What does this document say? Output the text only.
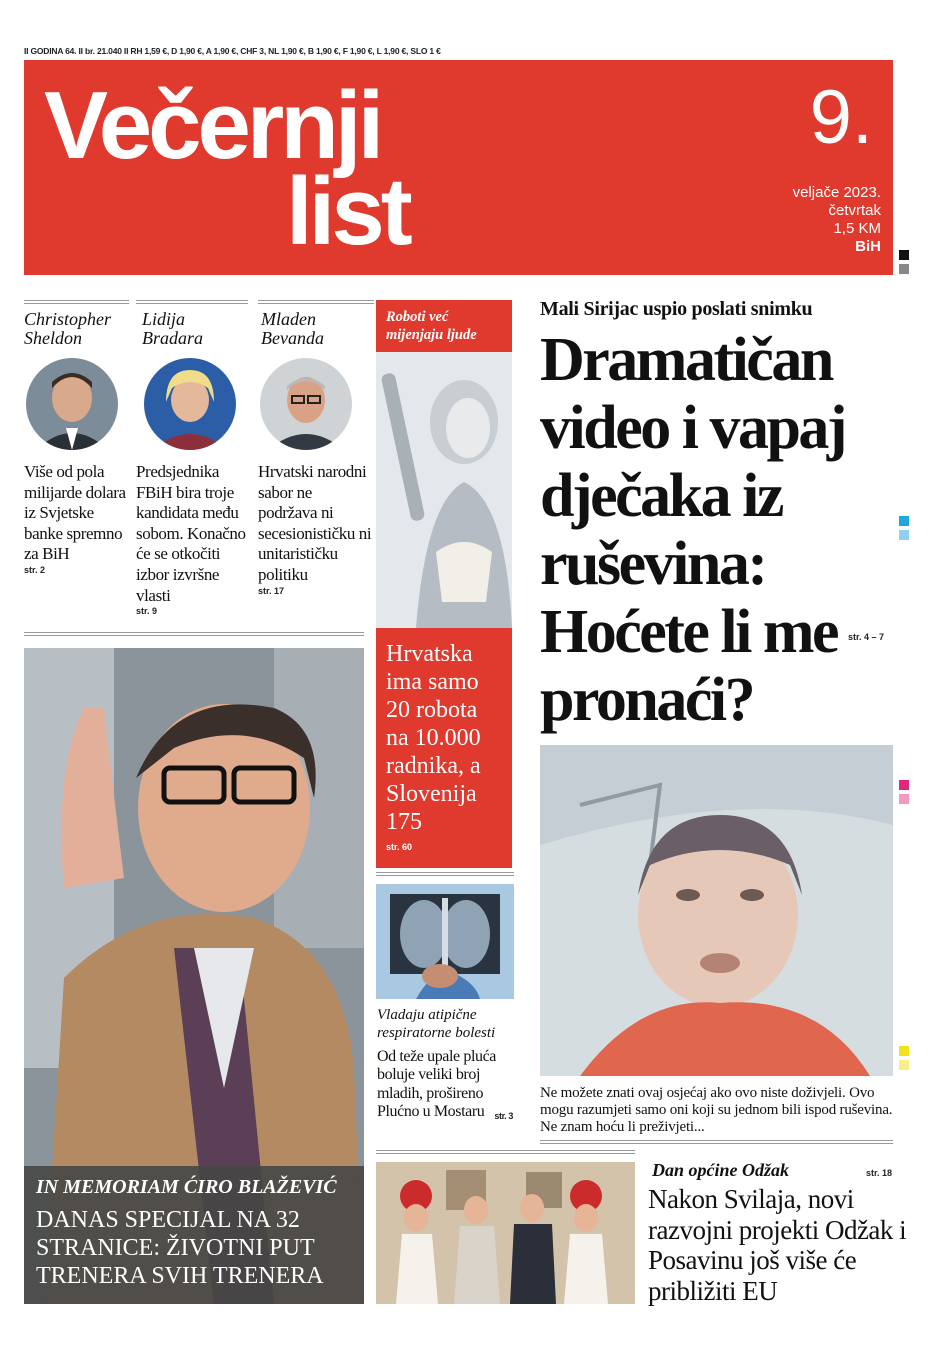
II GODINA 64. II br. 21.040 II RH 1,59 €, D 1,90 €, A 1,90 €, CHF 3, NL 1,90 €, B 1,90 €, F 1,90 €, L 1,90 €, SLO 1 €
Večernji
list
9.
veljače 2023.
četvrtak
1,5 KM
BiH
Christopher
Sheldon
Više od pola milijarde dolara iz Svjetske banke spremno za BiH
str. 2
Lidija
Bradara
Predsjednika FBiH bira troje kandidata među sobom. Konačno će se otkočiti izbor izvršne vlasti
str. 9
Mladen
Bevanda
Hrvatski narodni sabor ne podržava ni secesionističku ni unitarističku politiku
str. 17
IN MEMORIAM ĆIRO BLAŽEVIĆ
DANAS SPECIJAL NA 32 STRANICE: ŽIVOTNI PUT TRENERA SVIH TRENERA
Roboti već mijenjaju ljude
Hrvatska ima samo 20 robota na 10.000 radnika, a Slovenija 175
str. 60
Vladaju atipične respiratorne bolesti
Od teže upale pluća boluje veliki broj mladih, prošireno Plućno u Mostaru str. 3
Mali Sirijac uspio poslati snimku
Dramatičan video i vapaj dječaka iz ruševina: Hoćete li me pronaći?
str. 4 – 7
Ne možete znati ovaj osjećaj ako ovo niste doživjeli. Ovo mogu razumjeti samo oni koji su jednom bili ispod ruševina. Ne znam hoću li preživjeti...
Dan općine Odžak	str. 18
Nakon Svilaja, novi razvojni projekti Odžak i Posavinu još više će približiti EU
